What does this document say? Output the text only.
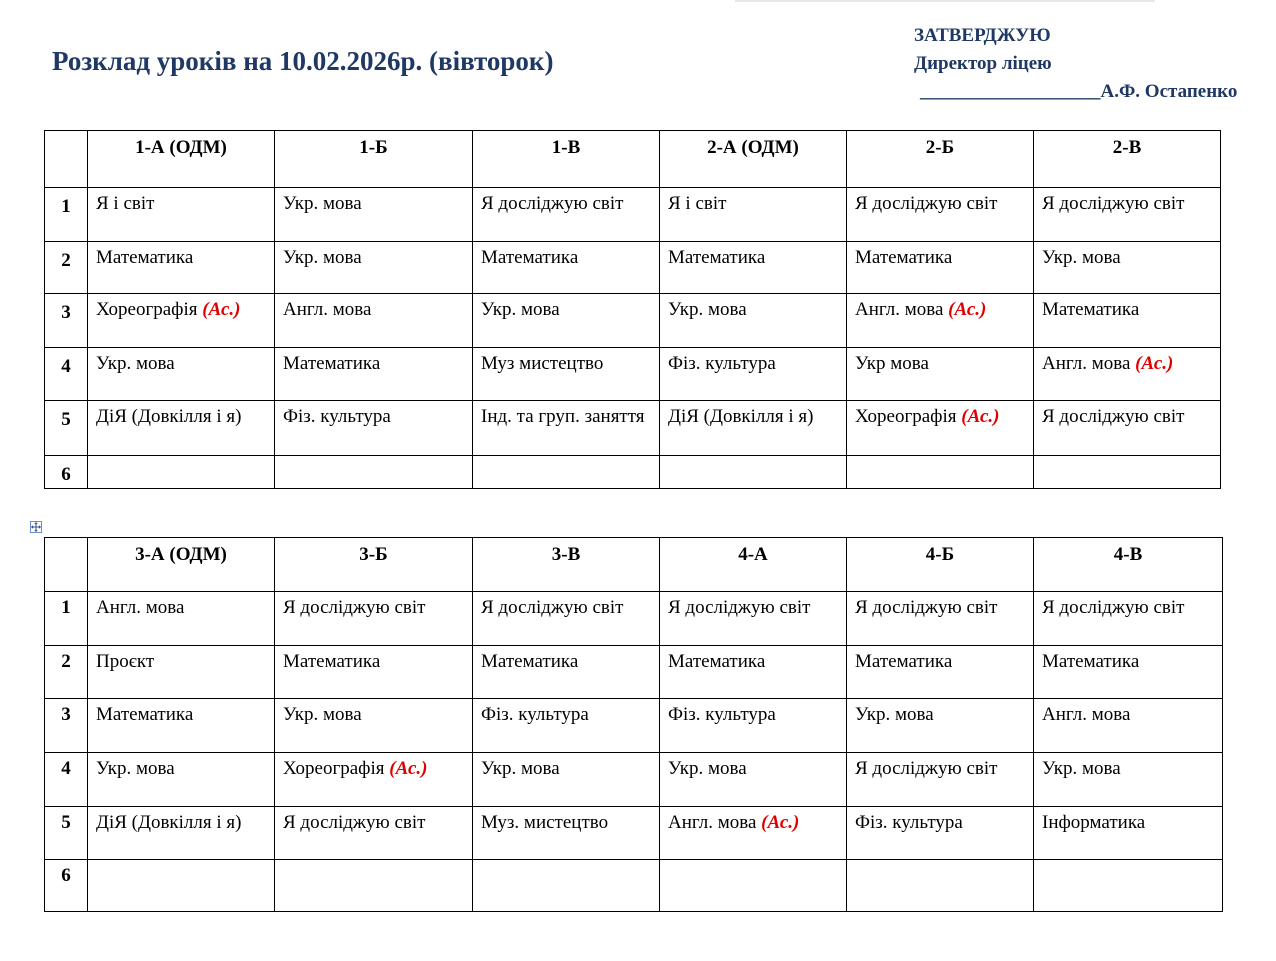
Розклад уроків на 10.02.2026р. (вівторок)
ЗАТВЕРДЖУЮ
Директор ліцею
___________________А.Ф. Остапенко
	1-А (ОДМ)	1-Б	1-В	2-А (ОДМ)	2-Б	2-В
1	Я і світ	Укр. мова	Я досліджую світ	Я і світ	Я досліджую світ	Я досліджую світ
2	Математика	Укр. мова	Математика	Математика	Математика	Укр. мова
3	Хореографія (Ас.)	Англ. мова	Укр. мова	Укр. мова	Англ. мова (Ас.)	Математика
4	Укр. мова	Математика	Муз мистецтво	Фіз. культура	Укр мова	Англ. мова (Ас.)
5	ДіЯ (Довкілля і я)	Фіз. культура	Інд. та груп. заняття	ДіЯ (Довкілля і я)	Хореографія (Ас.)	Я досліджую світ
6						
	3-А (ОДМ)	3-Б	3-В	4-А	4-Б	4-В
1	Англ. мова	Я досліджую світ	Я досліджую світ	Я досліджую світ	Я досліджую світ	Я досліджую світ
2	Проєкт	Математика	Математика	Математика	Математика	Математика
3	Математика	Укр. мова	Фіз. культура	Фіз. культура	Укр. мова	Англ. мова
4	Укр. мова	Хореографія (Ас.)	Укр. мова	Укр. мова	Я досліджую світ	Укр. мова
5	ДіЯ (Довкілля і я)	Я досліджую світ	Муз. мистецтво	Англ. мова (Ас.)	Фіз. культура	Інформатика
6						
